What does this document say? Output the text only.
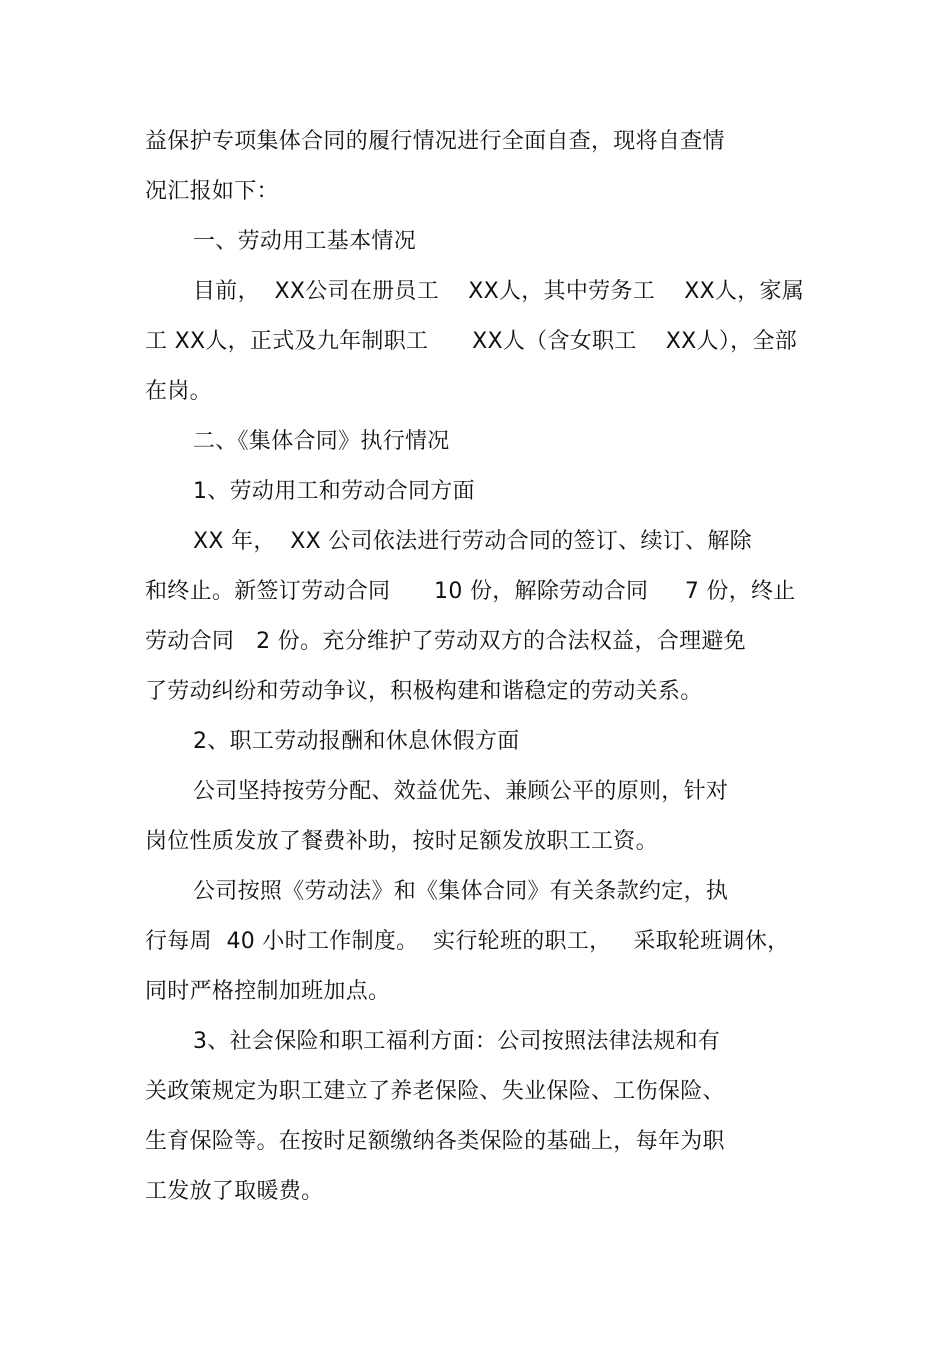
益保护专项集体合同的履行情况进行全面自查，现将自查情
况汇报如下：
一、劳动用工基本情况
目前，  XX公司在册员工    XX人，其中劳务工    XX人，家属
工 XX人，正式及九年制职工      XX人（含女职工    XX人），全部
在岗。
二、《集体合同》执行情况
1、劳动用工和劳动合同方面
XX 年，  XX 公司依法进行劳动合同的签订、续订、解除
和终止。新签订劳动合同      10 份，解除劳动合同     7 份，终止
劳动合同   2 份。充分维护了劳动双方的合法权益，合理避免
了劳动纠纷和劳动争议，积极构建和谐稳定的劳动关系。
2、职工劳动报酬和休息休假方面
公司坚持按劳分配、效益优先、兼顾公平的原则，针对
岗位性质发放了餐费补助，按时足额发放职工工资。
公司按照《劳动法》和《集体合同》有关条款约定，执
行每周  40 小时工作制度。  实行轮班的职工，   采取轮班调休，
同时严格控制加班加点。
3、社会保险和职工福利方面：公司按照法律法规和有
关政策规定为职工建立了养老保险、失业保险、工伤保险、
生育保险等。在按时足额缴纳各类保险的基础上，每年为职
工发放了取暖费。
